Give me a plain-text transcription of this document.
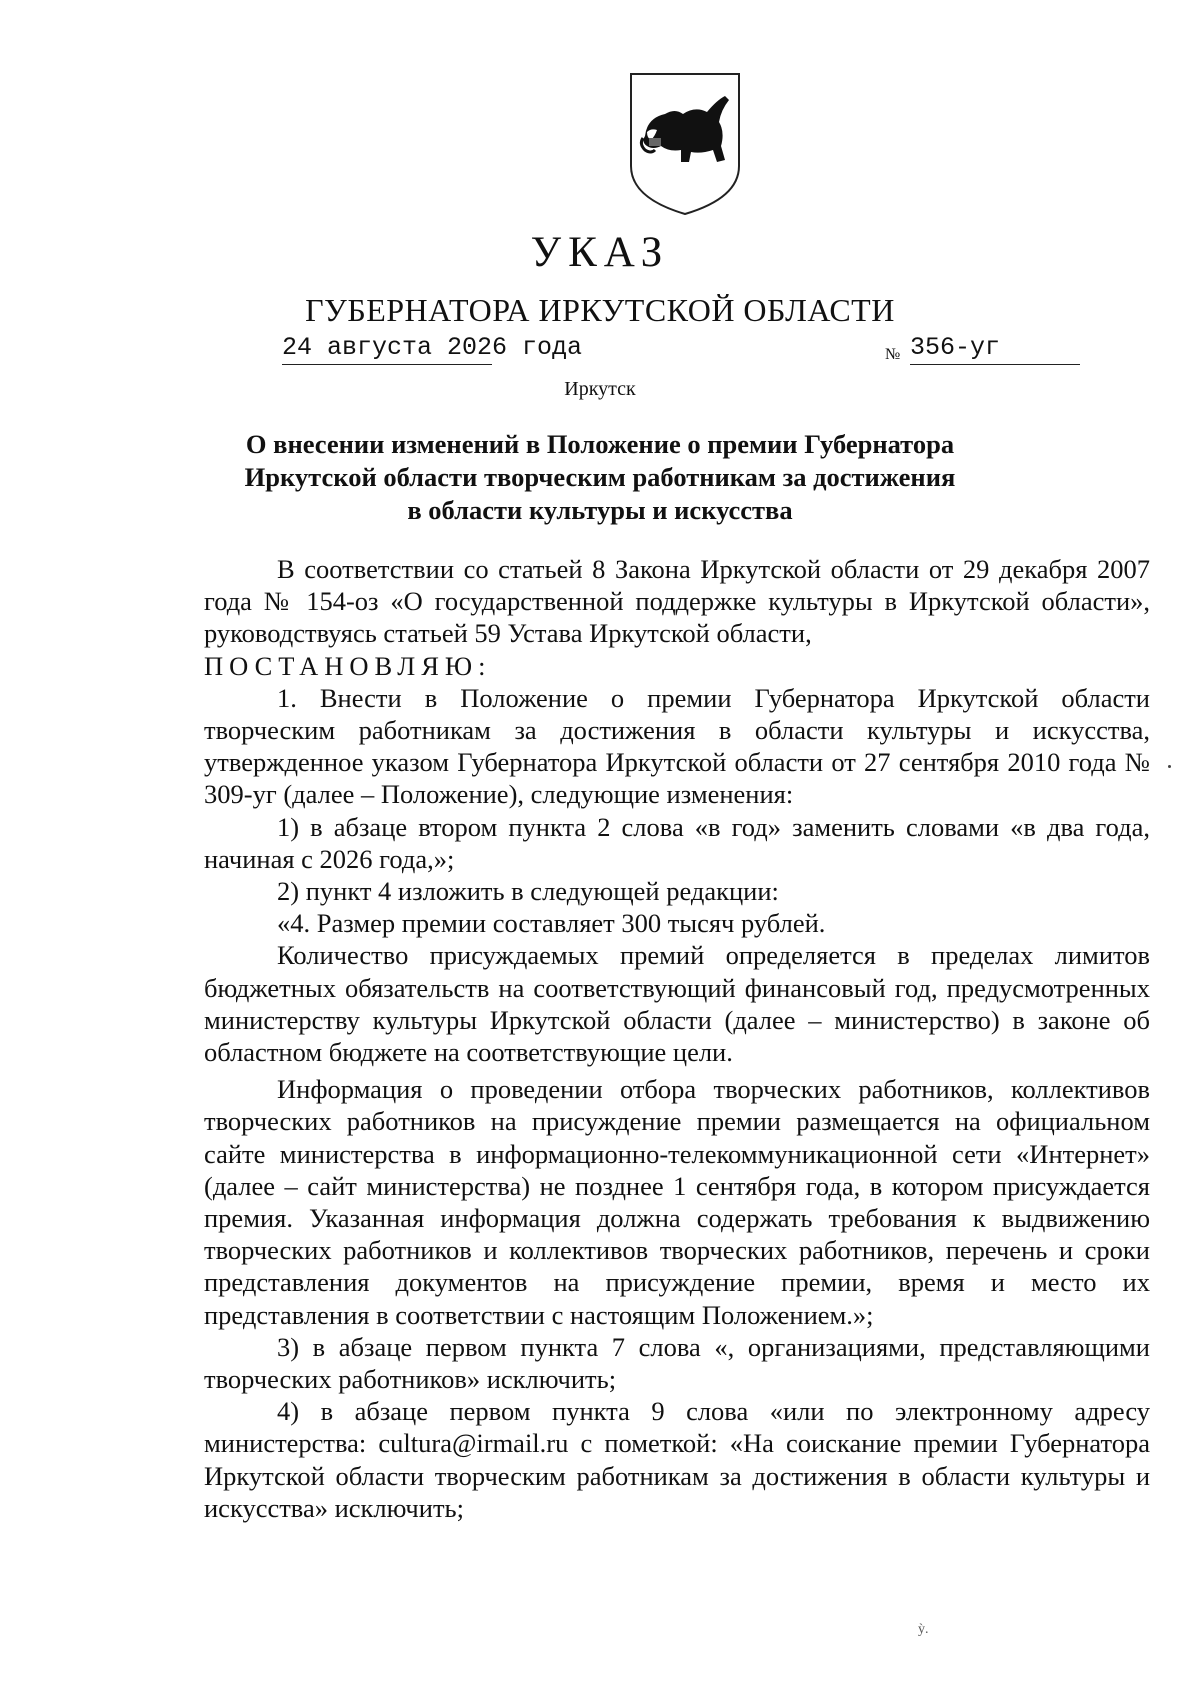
УКАЗ
ГУБЕРНАТОРА ИРКУТСКОЙ ОБЛАСТИ
24 августа 2026 года	№ 356-уг
Иркутск
О внесении изменений в Положение о премии Губернатора
Иркутской области творческим работникам за достижения
в области культуры и искусства

В соответствии со статьей 8 Закона Иркутской области от 29 декабря 2007 года № 154-оз «О государственной поддержке культуры в Иркутской области», руководствуясь статьей 59 Устава Иркутской области,

ПОСТАНОВЛЯЮ:

1. Внести в Положение о премии Губернатора Иркутской области творческим работникам за достижения в области культуры и искусства, утвержденное указом Губернатора Иркутской области от 27 сентября 2010 года № 309-уг (далее – Положение), следующие изменения:

1) в абзаце втором пункта 2 слова «в год» заменить словами «в два года, начиная с 2026 года,»;

2) пункт 4 изложить в следующей редакции:

«4. Размер премии составляет 300 тысяч рублей.

Количество присуждаемых премий определяется в пределах лимитов бюджетных обязательств на соответствующий финансовый год, предусмотренных министерству культуры Иркутской области (далее – министерство) в законе об областном бюджете на соответствующие цели.

Информация о проведении отбора творческих работников, коллективов творческих работников на присуждение премии размещается на официальном сайте министерства в информационно-телекоммуникационной сети «Интернет» (далее – сайт министерства) не позднее 1 сентября года, в котором присуждается премия. Указанная информация должна содержать требования к выдвижению творческих работников и коллективов творческих работников, перечень и сроки представления документов на присуждение премии, время и место их представления в соответствии с настоящим Положением.»;

3) в абзаце первом пункта 7 слова «, организациями, представляющими творческих работников» исключить;

4) в абзаце первом пункта 9 слова «или по электронному адресу министерства: cultura@irmail.ru с пометкой: «На соискание премии Губернатора Иркутской области творческим работникам за достижения в области культуры и искусства» исключить;

ỳ.
